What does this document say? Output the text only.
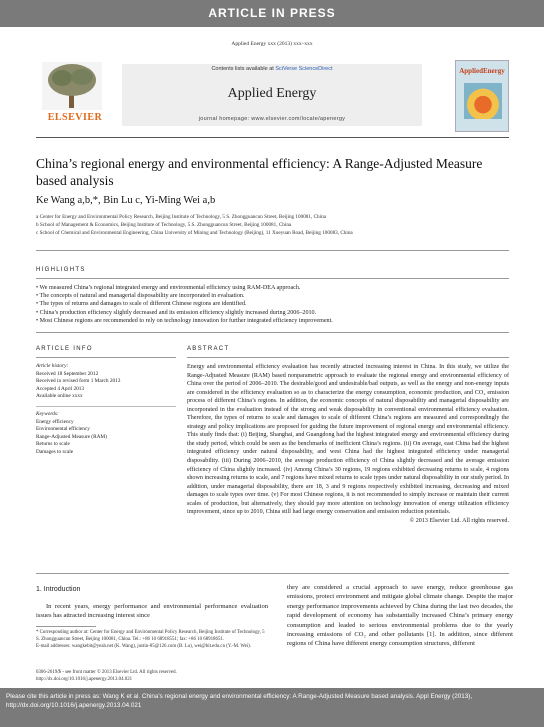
ARTICLE IN PRESS
Applied Energy xxx (2013) xxx–xxx
ELSEVIER
Contents lists available at SciVerse ScienceDirect
Applied Energy
journal homepage: www.elsevier.com/locate/apenergy
AppliedEnergy
China’s regional energy and environmental efficiency: A Range-Adjusted Measure based analysis
Ke Wang a,b,*, Bin Lu c, Yi-Ming Wei a,b
a Center for Energy and Environmental Policy Research, Beijing Institute of Technology, 5 S. Zhongguancun Street, Beijing 100081, China
b School of Management & Economics, Beijing Institute of Technology, 5 S. Zhongguancun Street, Beijing 100081, China
c School of Chemical and Environmental Engineering, China University of Mining and Technology (Beijing), 11 Xueyuan Road, Beijing 100083, China
HIGHLIGHTS
• We measured China’s regional integrated energy and environmental efficiency using RAM-DEA approach.
• The concepts of natural and managerial disposability are incorporated in evaluation.
• The types of returns and damages to scale of different Chinese regions are identified.
• China’s production efficiency slightly decreased and its emission efficiency slightly increased during 2006–2010.
• Most Chinese regions are recommended to rely on technology innovation for further integrated efficiency improvement.
ARTICLE INFO	ABSTRACT
Article history:
Received 18 September 2012
Received in revised form 1 March 2013
Accepted 4 April 2013
Available online xxxx
Keywords:
Energy efficiency
Environmental efficiency
Range-Adjusted Measure (RAM)
Returns to scale
Damages to scale
Energy and environmental efficiency evaluation has recently attracted increasing interest in China. In this study, we utilize the Range-Adjusted Measure (RAM) based nonparametric approach to evaluate the regional energy and environmental efficiency of China over the period of 2006–2010. The desirable/good and undesirable/bad outputs, as well as the energy and non-energy inputs are considered in the efficiency evaluation so as to characterize the energy consumption, economic production, and CO₂ emission process of different China’s regions. In addition, the economic concepts of natural disposability and managerial disposability are incorporated in the evaluation instead of the strong and weak disposability in conventional environmental efficiency evaluation. Therefore, the types of returns to scale and damages to scale of different China’s regions are measured and correspondingly the strategy and policy implications are proposed for guiding the future improvement of regional energy and environmental efficiency. This study finds that: (i) Beijing, Shanghai, and Guangdong had the highest integrated energy and environmental efficiency during the study period, which could be seen as the benchmarks of inefficient China’s regions. (ii) On average, east China had the highest integrated efficiency under natural disposability, and west China had the highest integrated efficiency under managerial disposability. (iii) During 2006–2010, the average production efficiency of China slightly decreased and the average emission efficiency of China slightly increased. (iv) Among China’s 30 regions, 19 regions exhibited decreasing returns to scale, 4 regions shown increasing returns to scale, and 7 regions have mixed returns to scale types under natural disposability in our study period. In addition, under managerial disposability, there are 18, 3 and 9 regions respectively exhibited increasing, decreasing and mixed damages to scale types over time. (v) For most Chinese regions, it is not recommended to simply increase or maintain their current scales of production, but alternatively, they should pay more attention on technology innovation of energy utilization efficiency improvement, since up to 2010, China still had large energy conservation and emission reduction potentials.
© 2013 Elsevier Ltd. All rights reserved.
1. Introduction
In recent years, energy performance and environmental performance evaluation issues has attracted increasing interest since
they are considered a crucial approach to save energy, reduce greenhouse gas emissions, protect environment and mitigate global climate change. Despite the major energy performance improvements achieved by China during the last two decades, the rapid development of economy has substantially increased China’s primary energy consumption and leaded to serious environmental problems due to the yearly increasing emissions of CO₂ and other pollutants [1]. In addition, since different regions of China have different energy consumption structures, different
* Corresponding author at: Center for Energy and Environmental Policy Research, Beijing Institute of Technology, 5 S. Zhongguancun Street, Beijing 100081, China. Tel.: +86 10 68918551; fax: +86 10 68918651.
E-mail addresses: wangkebit@yeah.net (K. Wang), justin-85@126.com (B. Lu), wei@bit.edu.cn (Y.-M. Wei).
0306-2619/$ - see front matter © 2013 Elsevier Ltd. All rights reserved.
http://dx.doi.org/10.1016/j.apenergy.2013.04.021
Please cite this article in press as: Wang K et al. China’s regional energy and environmental efficiency: A Range-Adjusted Measure based analysis. Appl Energy (2013), http://dx.doi.org/10.1016/j.apenergy.2013.04.021
